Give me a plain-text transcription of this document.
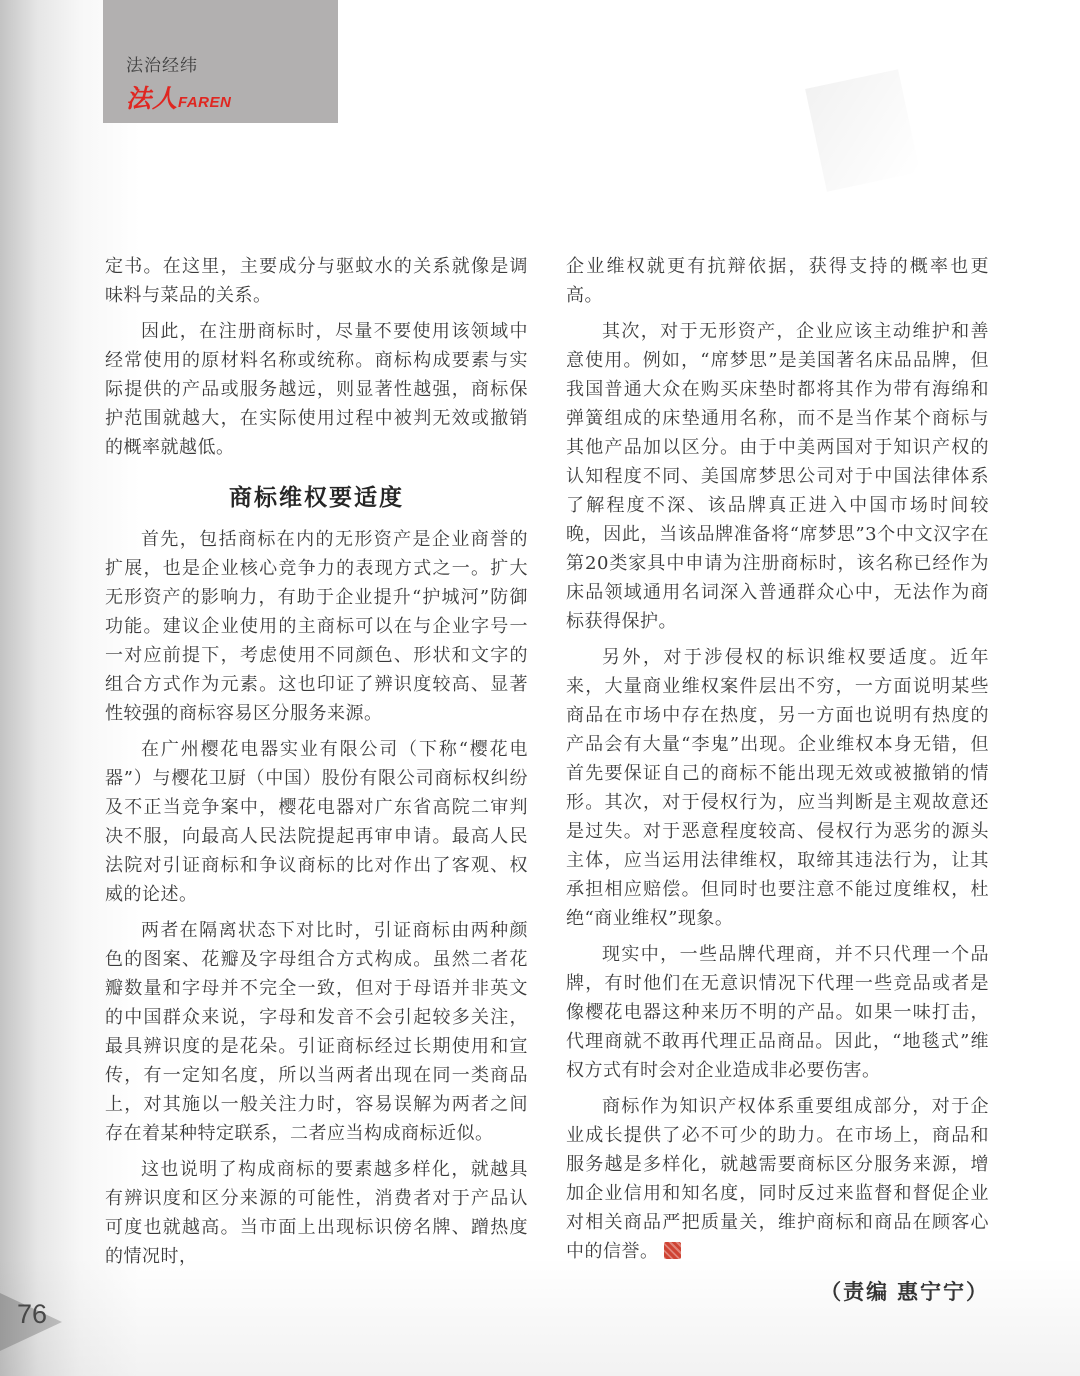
法治经纬
法人 FAREN

定书。在这里，主要成分与驱蚊水的关系就像是调味料与菜品的关系。

因此，在注册商标时，尽量不要使用该领域中经常使用的原材料名称或统称。商标构成要素与实际提供的产品或服务越远，则显著性越强，商标保护范围就越大，在实际使用过程中被判无效或撤销的概率就越低。

商标维权要适度

首先，包括商标在内的无形资产是企业商誉的扩展，也是企业核心竞争力的表现方式之一。扩大无形资产的影响力，有助于企业提升“护城河”防御功能。建议企业使用的主商标可以在与企业字号一一对应前提下，考虑使用不同颜色、形状和文字的组合方式作为元素。这也印证了辨识度较高、显著性较强的商标容易区分服务来源。

在广州樱花电器实业有限公司（下称“樱花电器”）与樱花卫厨（中国）股份有限公司商标权纠纷及不正当竞争案中，樱花电器对广东省高院二审判决不服，向最高人民法院提起再审申请。最高人民法院对引证商标和争议商标的比对作出了客观、权威的论述。

两者在隔离状态下对比时，引证商标由两种颜色的图案、花瓣及字母组合方式构成。虽然二者花瓣数量和字母并不完全一致，但对于母语并非英文的中国群众来说，字母和发音不会引起较多关注，最具辨识度的是花朵。引证商标经过长期使用和宣传，有一定知名度，所以当两者出现在同一类商品上，对其施以一般关注力时，容易误解为两者之间存在着某种特定联系，二者应当构成商标近似。

这也说明了构成商标的要素越多样化，就越具有辨识度和区分来源的可能性，消费者对于产品认可度也就越高。当市面上出现标识傍名牌、蹭热度的情况时，

企业维权就更有抗辩依据，获得支持的概率也更高。

其次，对于无形资产，企业应该主动维护和善意使用。例如，“席梦思”是美国著名床品品牌，但我国普通大众在购买床垫时都将其作为带有海绵和弹簧组成的床垫通用名称，而不是当作某个商标与其他产品加以区分。由于中美两国对于知识产权的认知程度不同、美国席梦思公司对于中国法律体系了解程度不深、该品牌真正进入中国市场时间较晚，因此，当该品牌准备将“席梦思”3个中文汉字在第20类家具中申请为注册商标时，该名称已经作为床品领域通用名词深入普通群众心中，无法作为商标获得保护。

另外，对于涉侵权的标识维权要适度。近年来，大量商业维权案件层出不穷，一方面说明某些商品在市场中存在热度，另一方面也说明有热度的产品会有大量“李鬼”出现。企业维权本身无错，但首先要保证自己的商标不能出现无效或被撤销的情形。其次，对于侵权行为，应当判断是主观故意还是过失。对于恶意程度较高、侵权行为恶劣的源头主体，应当运用法律维权，取缔其违法行为，让其承担相应赔偿。但同时也要注意不能过度维权，杜绝“商业维权”现象。

现实中，一些品牌代理商，并不只代理一个品牌，有时他们在无意识情况下代理一些竞品或者是像樱花电器这种来历不明的产品。如果一味打击，代理商就不敢再代理正品商品。因此，“地毯式”维权方式有时会对企业造成非必要伤害。

商标作为知识产权体系重要组成部分，对于企业成长提供了必不可少的助力。在市场上，商品和服务越是多样化，就越需要商标区分服务来源，增加企业信用和知名度，同时反过来监督和督促企业对相关商品严把质量关，维护商标和商品在顾客心中的信誉。

（责编 惠宁宁）
76
